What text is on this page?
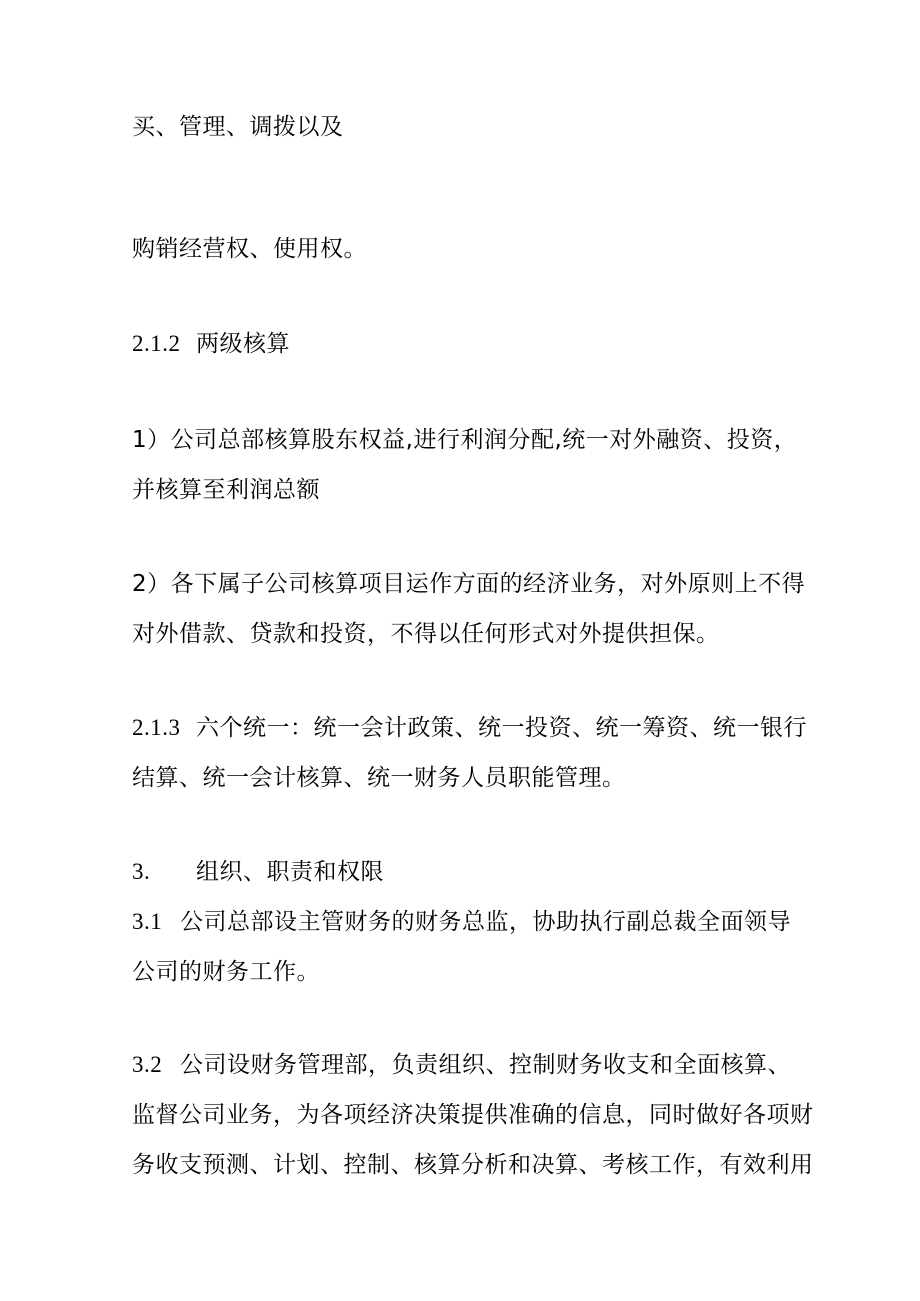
买、管理、调拨以及
购销经营权、使用权。
2.1.2 两级核算
1）公司总部核算股东权益,进行利润分配,统一对外融资、投资，
并核算至利润总额
2）各下属子公司核算项目运作方面的经济业务，对外原则上不得
对外借款、贷款和投资，不得以任何形式对外提供担保。
2.1.3 六个统一：统一会计政策、统一投资、统一筹资、统一银行
结算、统一会计核算、统一财务人员职能管理。
3. 组织、职责和权限
3.1 公司总部设主管财务的财务总监，协助执行副总裁全面领导
公司的财务工作。
3.2 公司设财务管理部，负责组织、控制财务收支和全面核算、
监督公司业务，为各项经济决策提供准确的信息，同时做好各项财
务收支预测、计划、控制、核算分析和决算、考核工作，有效利用
